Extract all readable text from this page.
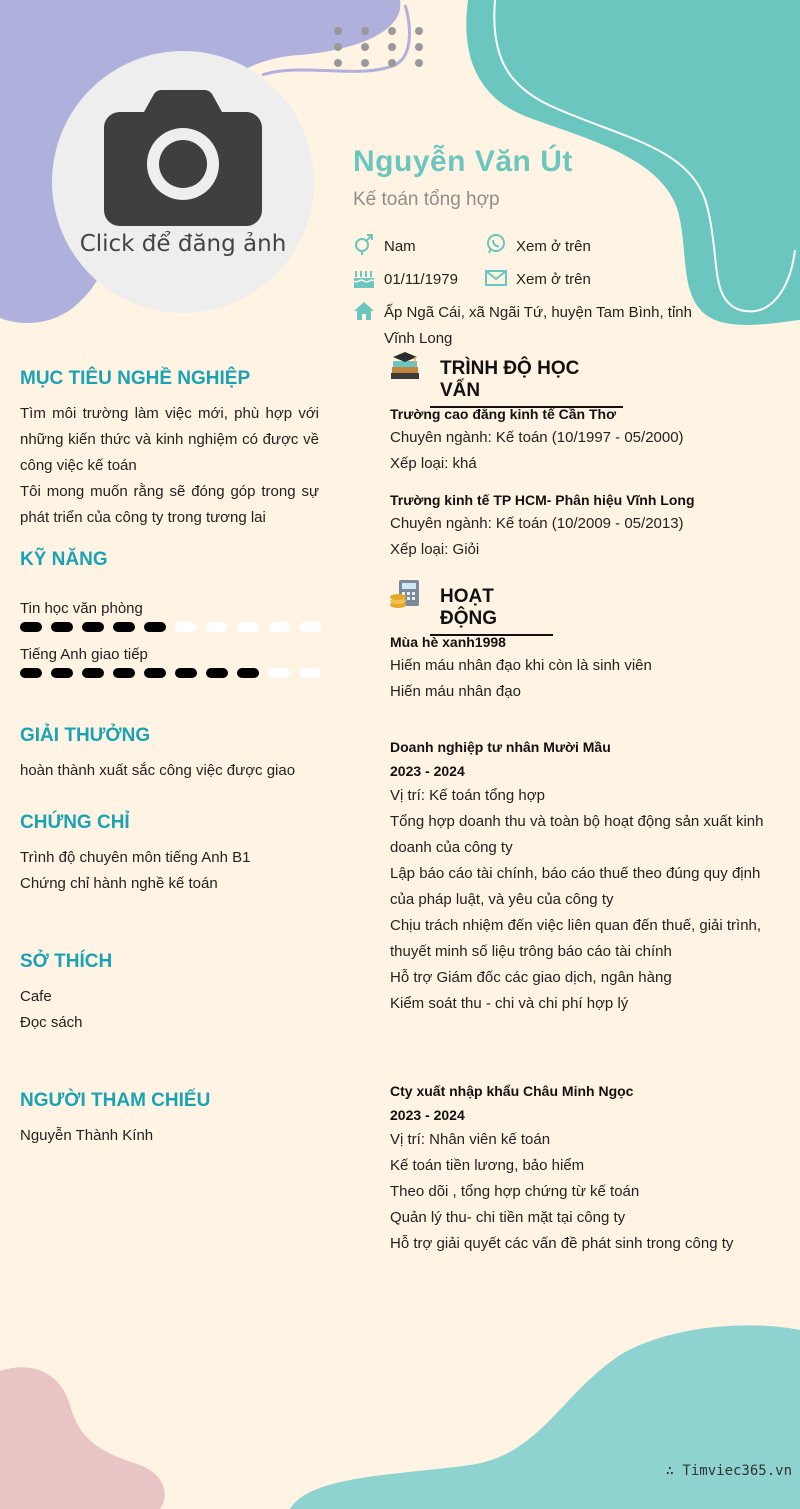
Click để đăng ảnh
Nguyễn Văn Út
Kế toán tổng hợp
Nam	Xem ở trên
01/11/1979	Xem ở trên
Ấp Ngã Cái, xã Ngãi Tứ, huyện Tam Bình, tỉnh
Vĩnh Long
MỤC TIÊU NGHỀ NGHIỆP
Tìm môi trường làm việc mới, phù hợp với
những kiến thức và kinh nghiệm có được về
công việc kế toán
Tôi mong muốn rằng sẽ đóng góp trong sự
phát triển của công ty trong tương lai
KỸ NĂNG
Tin học văn phòng
Tiếng Anh giao tiếp
GIẢI THƯỞNG
hoàn thành xuất sắc công việc được giao
CHỨNG CHỈ
Trình độ chuyên môn tiếng Anh B1
Chứng chỉ hành nghề kế toán
SỞ THÍCH
Cafe
Đọc sách
NGƯỜI THAM CHIẾU
Nguyễn Thành Kính
TRÌNH ĐỘ HỌC VẤN
Trường cao đẳng kinh tế Cần Thơ
Chuyên ngành: Kế toán (10/1997 - 05/2000)
Xếp loại: khá
Trường kinh tế TP HCM- Phân hiệu Vĩnh Long
Chuyên ngành: Kế toán (10/2009 - 05/2013)
Xếp loại: Giỏi
HOẠT ĐỘNG
Mùa hè xanh1998
Hiến máu nhân đạo khi còn là sinh viên
Hiến máu nhân đạo
Doanh nghiệp tư nhân Mười Mầu
2023 - 2024
Vị trí: Kế toán tổng hợp
Tổng hợp doanh thu và toàn bộ hoạt động sản xuất kinh
doanh của công ty
Lập báo cáo tài chính, báo cáo thuế theo đúng quy định
của pháp luật, và yêu của công ty
Chịu trách nhiệm đến việc liên quan đến thuế, giải trình,
thuyết minh số liệu trông báo cáo tài chính
Hỗ trợ Giám đốc các giao dịch, ngân hàng
Kiểm soát thu - chi và chi phí hợp lý
Cty xuất nhập khẩu Châu Minh Ngọc
2023 - 2024
Vị trí: Nhân viên kế toán
Kế toán tiền lương, bảo hiểm
Theo dõi , tổng hợp chứng từ kế toán
Quản lý thu- chi tiền mặt tại công ty
Hỗ trợ giải quyết các vấn đề phát sinh trong công ty
∴ Timviec365.vn
